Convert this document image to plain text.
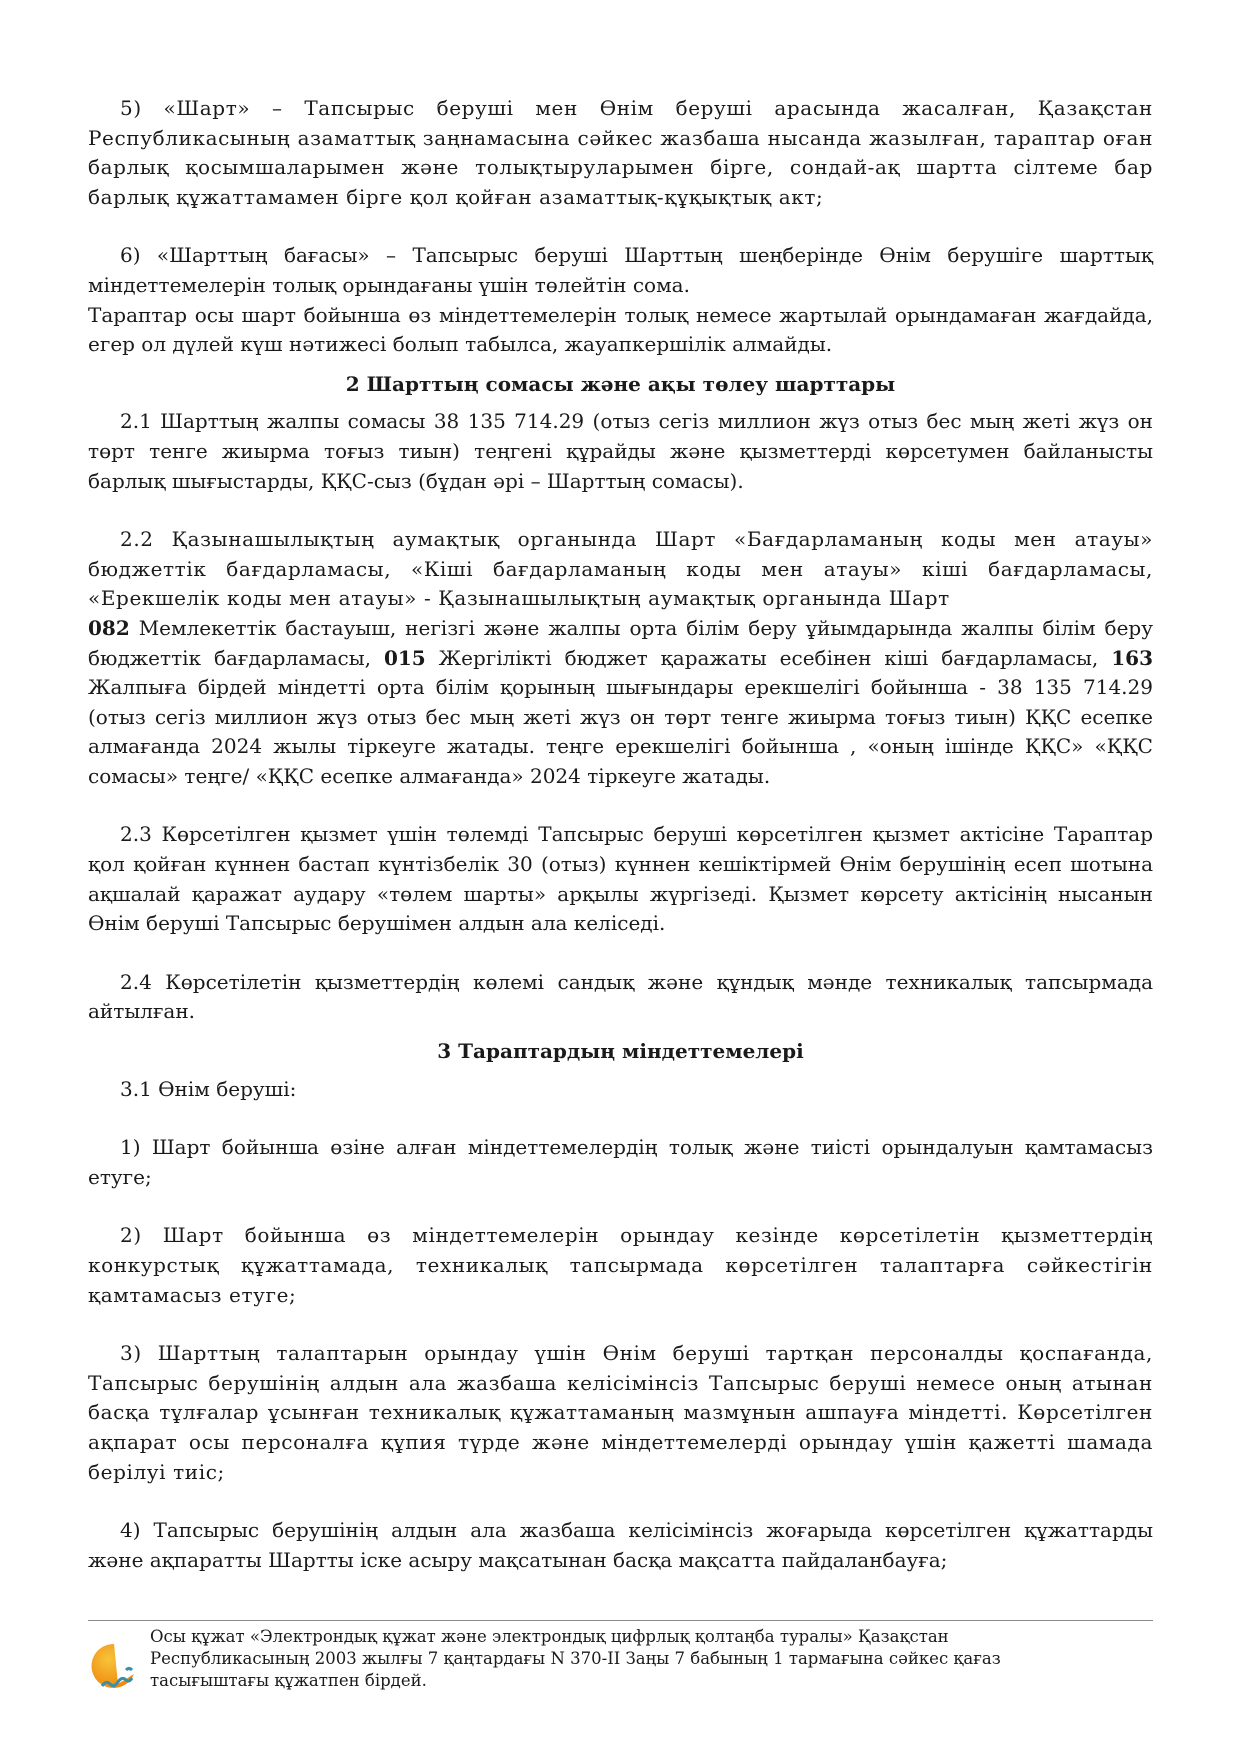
5) «Шарт» – Тапсырыс беруші мен Өнім беруші арасында жасалған, Қазақстан Республикасының азаматтық заңнамасына сәйкес жазбаша нысанда жазылған, тараптар оған барлық қосымшаларымен және толықтыруларымен бірге, сондай-ақ шартта сілтеме бар барлық құжаттамамен бірге қол қойған азаматтық-құқықтық акт;

6) «Шарттың бағасы» – Тапсырыс беруші Шарттың шеңберінде Өнім берушіге шарттық міндеттемелерін толық орындағаны үшін төлейтін сома.

Тараптар осы шарт бойынша өз міндеттемелерін толық немесе жартылай орындамаған жағдайда, егер ол дүлей күш нәтижесі болып табылса, жауапкершілік алмайды.

2 Шарттың сомасы және ақы төлеу шарттары

2.1 Шарттың жалпы сомасы 38 135 714.29 (отыз сегіз миллион жүз отыз бес мың жеті жүз он төрт тенге жиырма тоғыз тиын) теңгені құрайды және қызметтерді көрсетумен байланысты барлық шығыстарды, ҚҚС-сыз (бұдан әрі – Шарттың сомасы).

2.2 Қазынашылықтың аумақтық органында Шарт «Бағдарламаның коды мен атауы» бюджеттік бағдарламасы, «Кіші бағдарламаның коды мен атауы» кіші бағдарламасы, «Ерекшелік коды мен атауы» - Қазынашылықтың аумақтық органында Шарт

082 Мемлекеттік бастауыш, негізгі және жалпы орта білім беру ұйымдарында жалпы білім беру бюджеттік бағдарламасы, 015 Жергілікті бюджет қаражаты есебінен кіші бағдарламасы, 163 Жалпыға бірдей міндетті орта білім қорының шығындары ерекшелігі бойынша - 38 135 714.29 (отыз сегіз миллион жүз отыз бес мың жеті жүз он төрт тенге жиырма тоғыз тиын) ҚҚС есепке алмағанда 2024 жылы тіркеуге жатады. теңге ерекшелігі бойынша , «оның ішінде ҚҚС» «ҚҚС сомасы» теңге/ «ҚҚС есепке алмағанда» 2024 тіркеуге жатады.

2.3 Көрсетілген қызмет үшін төлемді Тапсырыс беруші көрсетілген қызмет актісіне Тараптар қол қойған күннен бастап күнтізбелік 30 (отыз) күннен кешіктірмей Өнім берушінің есеп шотына ақшалай қаражат аудару «төлем шарты» арқылы жүргізеді. Қызмет көрсету актісінің нысанын Өнім беруші Тапсырыс берушімен алдын ала келіседі.

2.4 Көрсетілетін қызметтердің көлемі сандық және құндық мәнде техникалық тапсырмада айтылған.

3 Тараптардың міндеттемелері

3.1 Өнім беруші:

1) Шарт бойынша өзіне алған міндеттемелердің толық және тиісті орындалуын қамтамасыз етуге;

2) Шарт бойынша өз міндеттемелерін орындау кезінде көрсетілетін қызметтердің конкурстық құжаттамада, техникалық тапсырмада көрсетілген талаптарға сәйкестігін қамтамасыз етуге;

3) Шарттың талаптарын орындау үшін Өнім беруші тартқан персоналды қоспағанда, Тапсырыс берушінің алдын ала жазбаша келісімінсіз Тапсырыс беруші немесе оның атынан басқа тұлғалар ұсынған техникалық құжаттаманың мазмұнын ашпауға міндетті. Көрсетілген ақпарат осы персоналға құпия түрде және міндеттемелерді орындау үшін қажетті шамада берілуі тиіс;

4) Тапсырыс берушінің алдын ала жазбаша келісімінсіз жоғарыда көрсетілген құжаттарды және ақпаратты Шартты іске асыру мақсатынан басқа мақсатта пайдаланбауға;

Осы құжат «Электрондық құжат және электрондық цифрлық қолтаңба туралы» Қазақстан Республикасының 2003 жылғы 7 қаңтардағы N 370-II Заңы 7 бабының 1 тармағына сәйкес қағаз тасығыштағы құжатпен бірдей.
